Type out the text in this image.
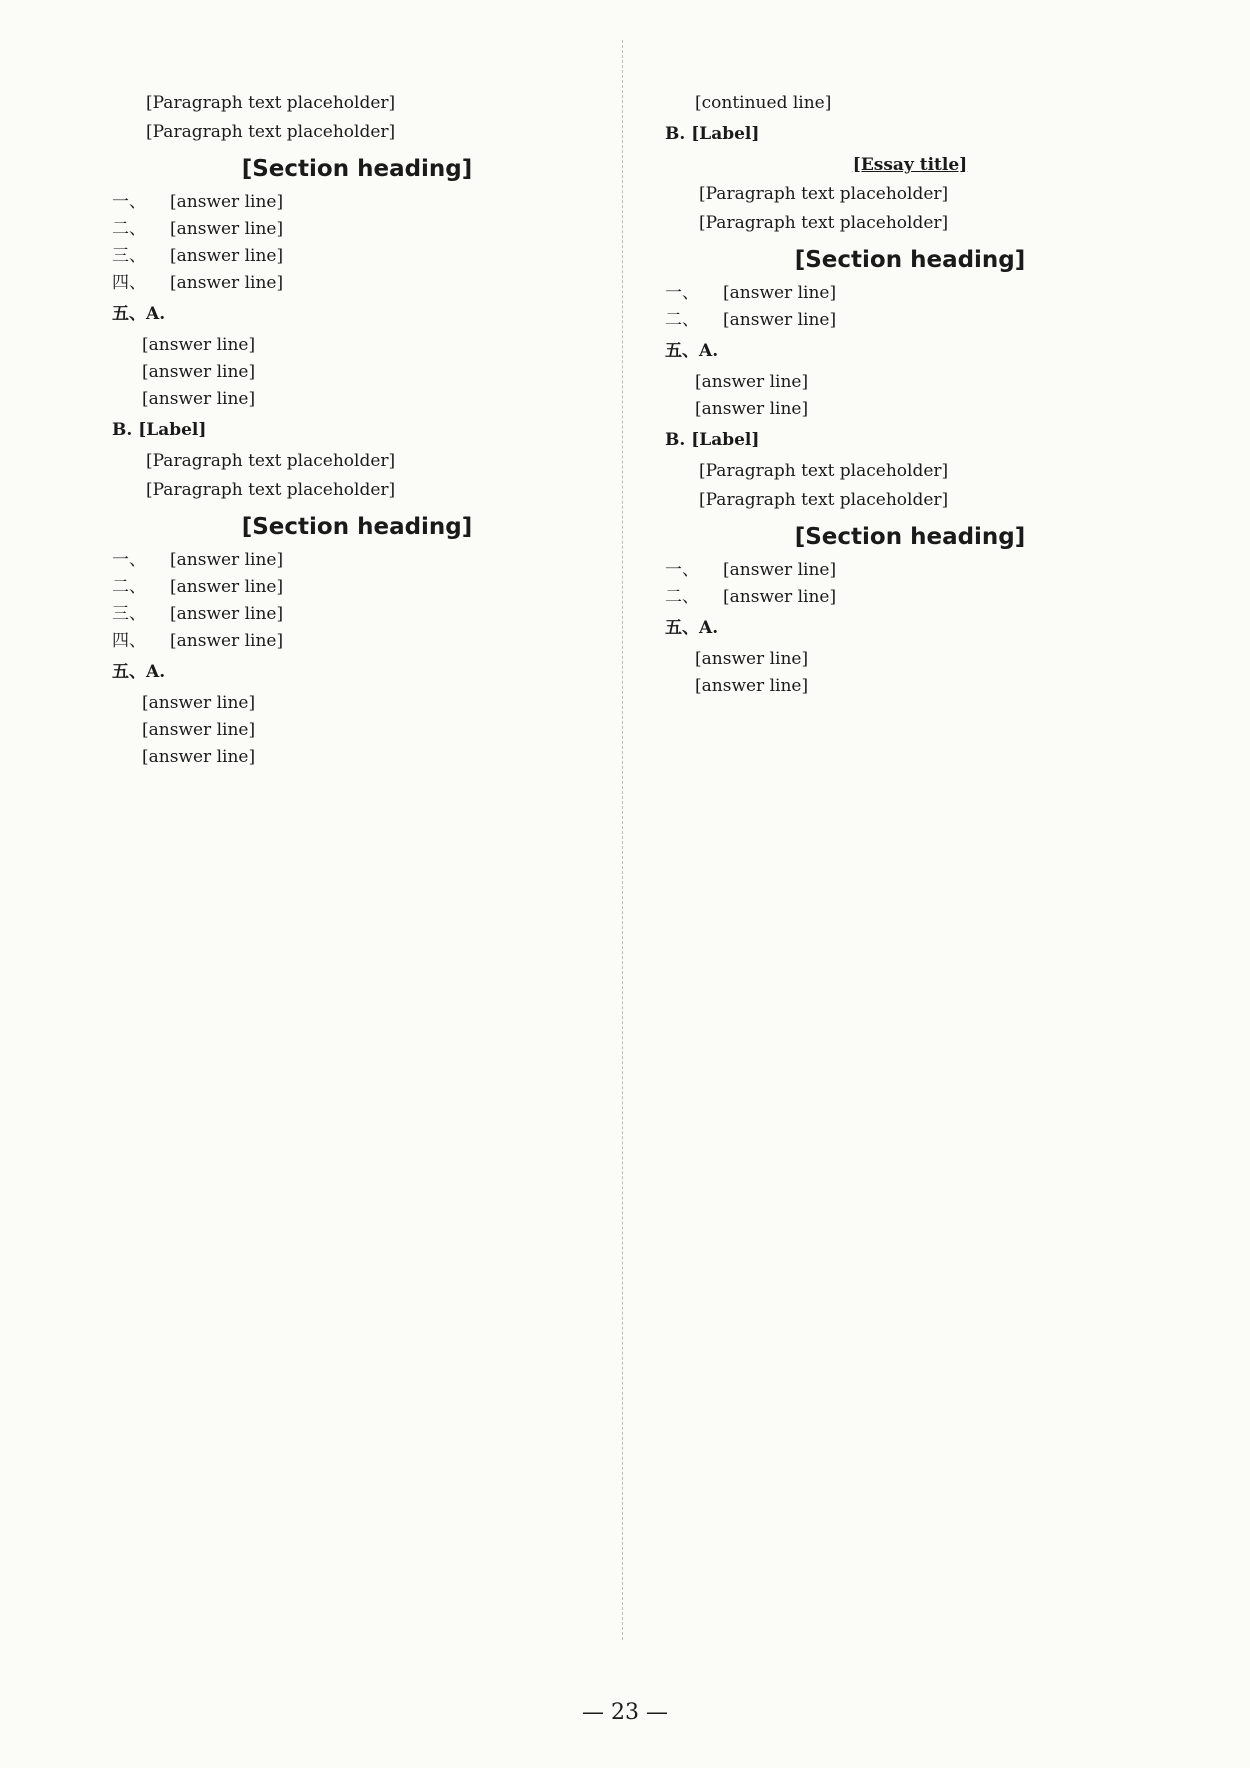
[Paragraph text placeholder]

[Paragraph text placeholder]

[Section heading]
一、	[answer line]
二、	[answer line]
三、	[answer line]
四、	[answer line]
五、A.
[answer line]
[answer line]
[answer line]
B. [Label]

[Paragraph text placeholder]

[Paragraph text placeholder]

[Section heading]
一、	[answer line]
二、	[answer line]
三、	[answer line]
四、	[answer line]
五、A.
[answer line]
[answer line]
[answer line]
[continued line]
B. [Label]
[Essay title]

[Paragraph text placeholder]

[Paragraph text placeholder]

[Section heading]
一、	[answer line]
二、	[answer line]
五、A.
[answer line]
[answer line]
B. [Label]

[Paragraph text placeholder]

[Paragraph text placeholder]

[Section heading]
一、	[answer line]
二、	[answer line]
五、A.
[answer line]
[answer line]
— 23 —
